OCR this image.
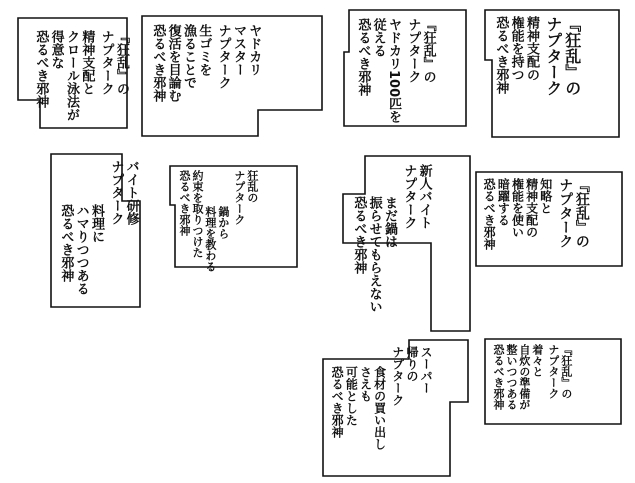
『狂乱』の
ナプターク
精神支配と
クロール泳法が
得意な
恐るべき邪神	ヤドカリ
マスター
ナプターク
生ゴミを
漁ることで
復活を目論む
恐るべき邪神	『狂乱』の
ナプターク
ヤドカリ100匹を
従える
恐るべき邪神	『狂乱』の
ナプターク
精神支配の
権能を持つ
恐るべき邪神
バイト研修
ナプターク
料理に
ハマりつつある
恐るべき邪神
狂乱の
ナプターク
鍋から
料理を教わる
約束を取りつけた
恐るべき邪神	新人バイト
ナプターク
まだ鍋は
振らせてもらえない
恐るべき邪神	『狂乱』の
ナプターク
知略と
精神支配の
権能を使い
暗躍する
恐るべき邪神
スーパー
帰りの
ナプターク
食材の買い出し
さえも
可能とした
恐るべき邪神	『狂乱』の
ナプターク
着々と
自炊の準備が
整いつつある
恐るべき邪神
